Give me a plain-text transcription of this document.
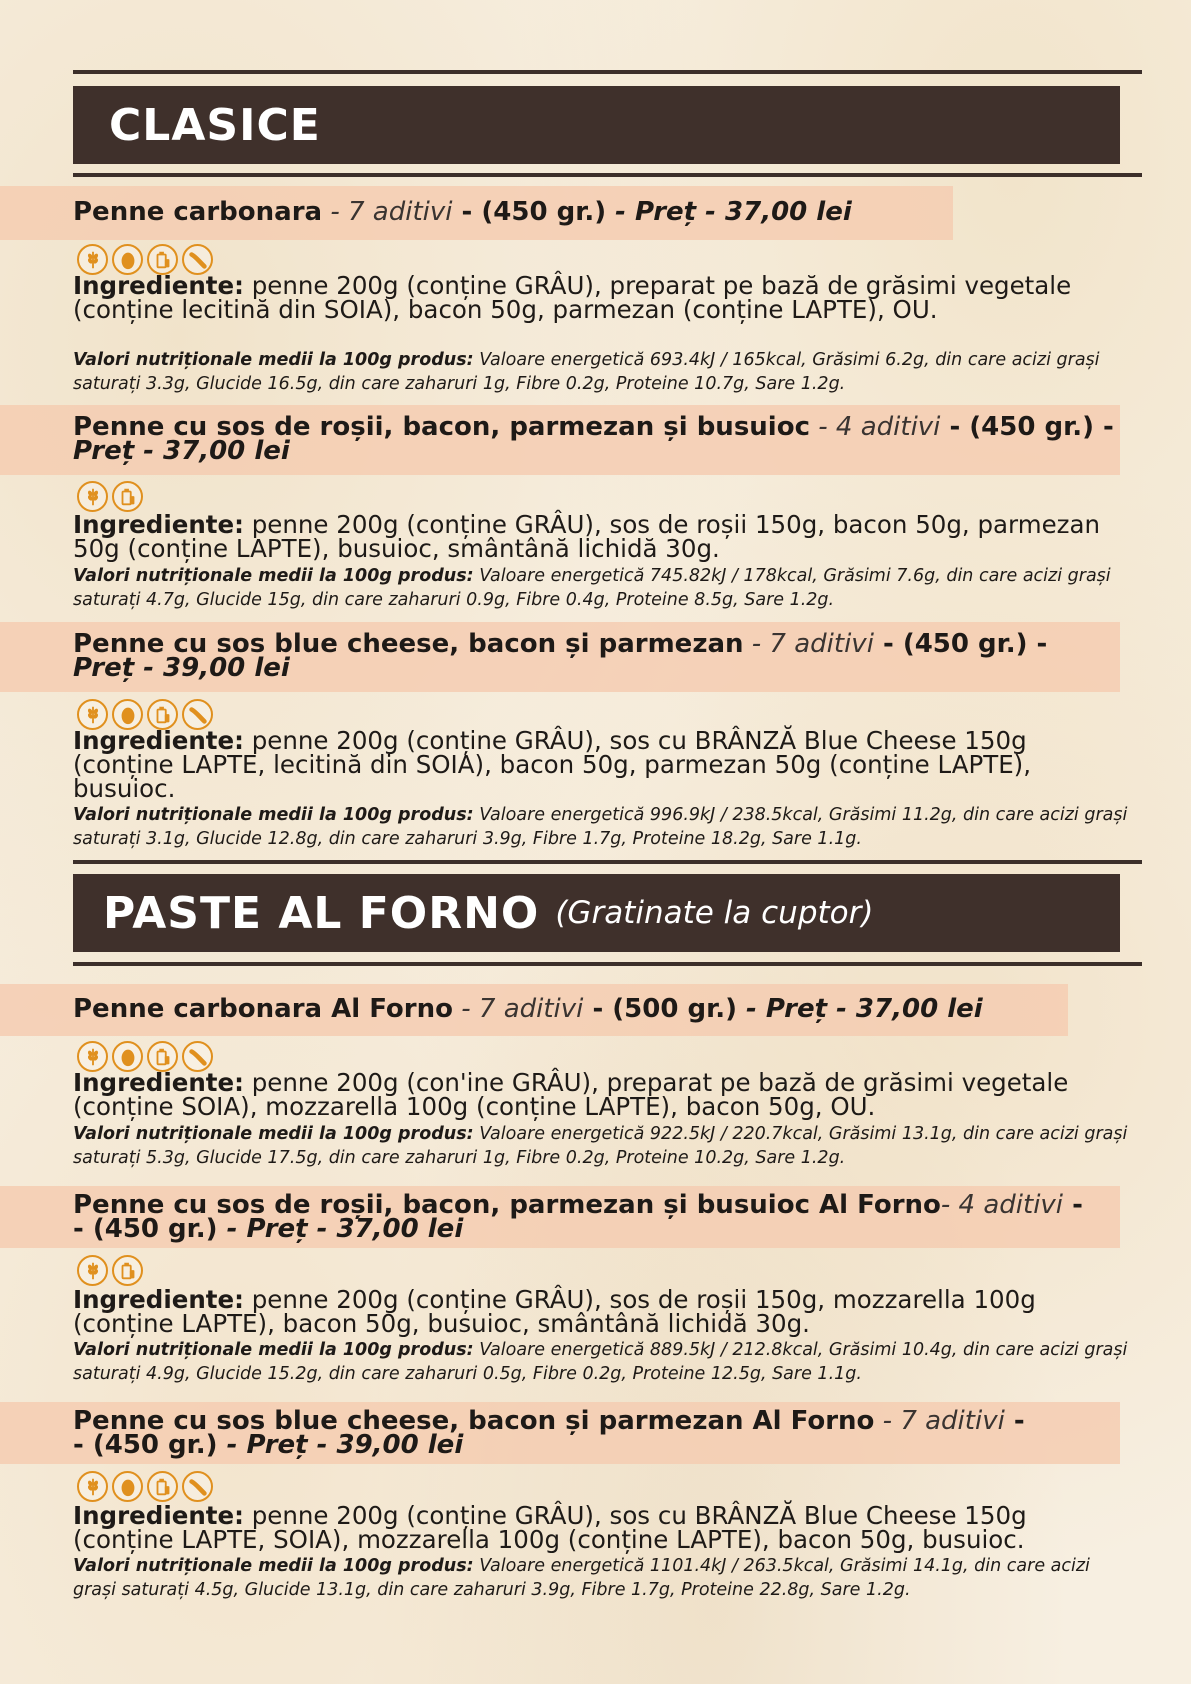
CLASICE
Penne carbonara - 7 aditivi - (450 gr.) - Preț - 37,00 lei
Ingrediente: penne 200g (conține GRÂU), preparat pe bază de grăsimi vegetale (conține lecitină din SOIA), bacon 50g, parmezan (conține LAPTE), OU.
Valori nutriționale medii la 100g produs: Valoare energetică 693.4kJ / 165kcal, Grăsimi 6.2g, din care acizi grași saturați 3.3g, Glucide 16.5g, din care zaharuri 1g, Fibre 0.2g, Proteine 10.7g, Sare 1.2g.
Penne cu sos de roșii, bacon, parmezan și busuioc - 4 aditivi - (450 gr.) -
Preț - 37,00 lei
Ingrediente: penne 200g (conține GRÂU), sos de roșii 150g, bacon 50g, parmezan 50g (conține LAPTE), busuioc, smântână lichidă 30g.
Valori nutriționale medii la 100g produs: Valoare energetică 745.82kJ / 178kcal, Grăsimi 7.6g, din care acizi grași saturați 4.7g, Glucide 15g, din care zaharuri 0.9g, Fibre 0.4g, Proteine 8.5g, Sare 1.2g.
Penne cu sos blue cheese, bacon și parmezan - 7 aditivi - (450 gr.) -
Preț - 39,00 lei
Ingrediente: penne 200g (conține GRÂU), sos cu BRÂNZĂ Blue Cheese 150g (conține LAPTE, lecitină din SOIA), bacon 50g, parmezan 50g (conține LAPTE), busuioc.
Valori nutriționale medii la 100g produs: Valoare energetică 996.9kJ / 238.5kcal, Grăsimi 11.2g, din care acizi grași saturați 3.1g, Glucide 12.8g, din care zaharuri 3.9g, Fibre 1.7g, Proteine 18.2g, Sare 1.1g.
PASTE AL FORNO (Gratinate la cuptor)
Penne carbonara Al Forno - 7 aditivi - (500 gr.) - Preț - 37,00 lei
Ingrediente: penne 200g (con'ine GRÂU), preparat pe bază de grăsimi vegetale (conține SOIA), mozzarella 100g (conține LAPTE), bacon 50g, OU.
Valori nutriționale medii la 100g produs: Valoare energetică 922.5kJ / 220.7kcal, Grăsimi 13.1g, din care acizi grași saturați 5.3g, Glucide 17.5g, din care zaharuri 1g, Fibre 0.2g, Proteine 10.2g, Sare 1.2g.
Penne cu sos de roșii, bacon, parmezan și busuioc Al Forno- 4 aditivi -
- (450 gr.) - Preț - 37,00 lei
Ingrediente: penne 200g (conține GRÂU), sos de roșii 150g, mozzarella 100g (conține LAPTE), bacon 50g, busuioc, smântână lichidă 30g.
Valori nutriționale medii la 100g produs: Valoare energetică 889.5kJ / 212.8kcal, Grăsimi 10.4g, din care acizi grași saturați 4.9g, Glucide 15.2g, din care zaharuri 0.5g, Fibre 0.2g, Proteine 12.5g, Sare 1.1g.
Penne cu sos blue cheese, bacon și parmezan Al Forno - 7 aditivi -
- (450 gr.) - Preț - 39,00 lei
Ingrediente: penne 200g (conține GRÂU), sos cu BRÂNZĂ Blue Cheese 150g (conține LAPTE, SOIA), mozzarella 100g (conține LAPTE), bacon 50g, busuioc.
Valori nutriționale medii la 100g produs: Valoare energetică 1101.4kJ / 263.5kcal, Grăsimi 14.1g, din care acizi grași saturați 4.5g, Glucide 13.1g, din care zaharuri 3.9g, Fibre 1.7g, Proteine 22.8g, Sare 1.2g.
